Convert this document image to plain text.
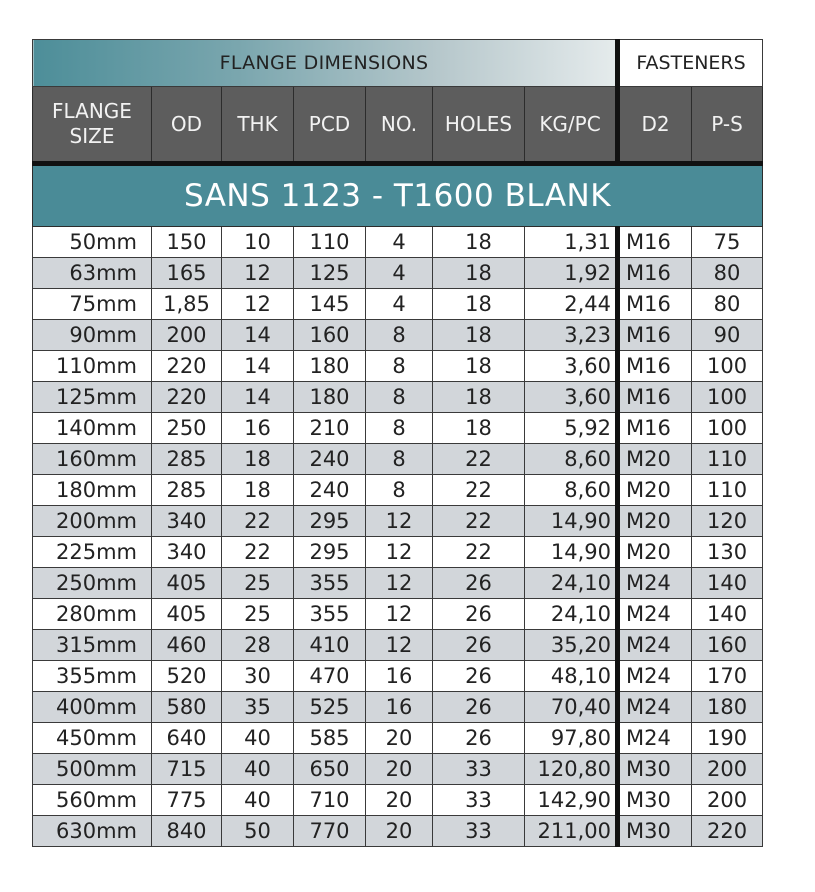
FLANGE DIMENSIONS							FASTENERS	
FLANGE
SIZE	OD	THK	PCD	NO.	HOLES	KG/PC	D2	P-S
SANS 1123 - T1600 BLANK								
50mm	150	10	110	4	18	1,31	M16	75
63mm	165	12	125	4	18	1,92	M16	80
75mm	1,85	12	145	4	18	2,44	M16	80
90mm	200	14	160	8	18	3,23	M16	90
110mm	220	14	180	8	18	3,60	M16	100
125mm	220	14	180	8	18	3,60	M16	100
140mm	250	16	210	8	18	5,92	M16	100
160mm	285	18	240	8	22	8,60	M20	110
180mm	285	18	240	8	22	8,60	M20	110
200mm	340	22	295	12	22	14,90	M20	120
225mm	340	22	295	12	22	14,90	M20	130
250mm	405	25	355	12	26	24,10	M24	140
280mm	405	25	355	12	26	24,10	M24	140
315mm	460	28	410	12	26	35,20	M24	160
355mm	520	30	470	16	26	48,10	M24	170
400mm	580	35	525	16	26	70,40	M24	180
450mm	640	40	585	20	26	97,80	M24	190
500mm	715	40	650	20	33	120,80	M30	200
560mm	775	40	710	20	33	142,90	M30	200
630mm	840	50	770	20	33	211,00	M30	220
